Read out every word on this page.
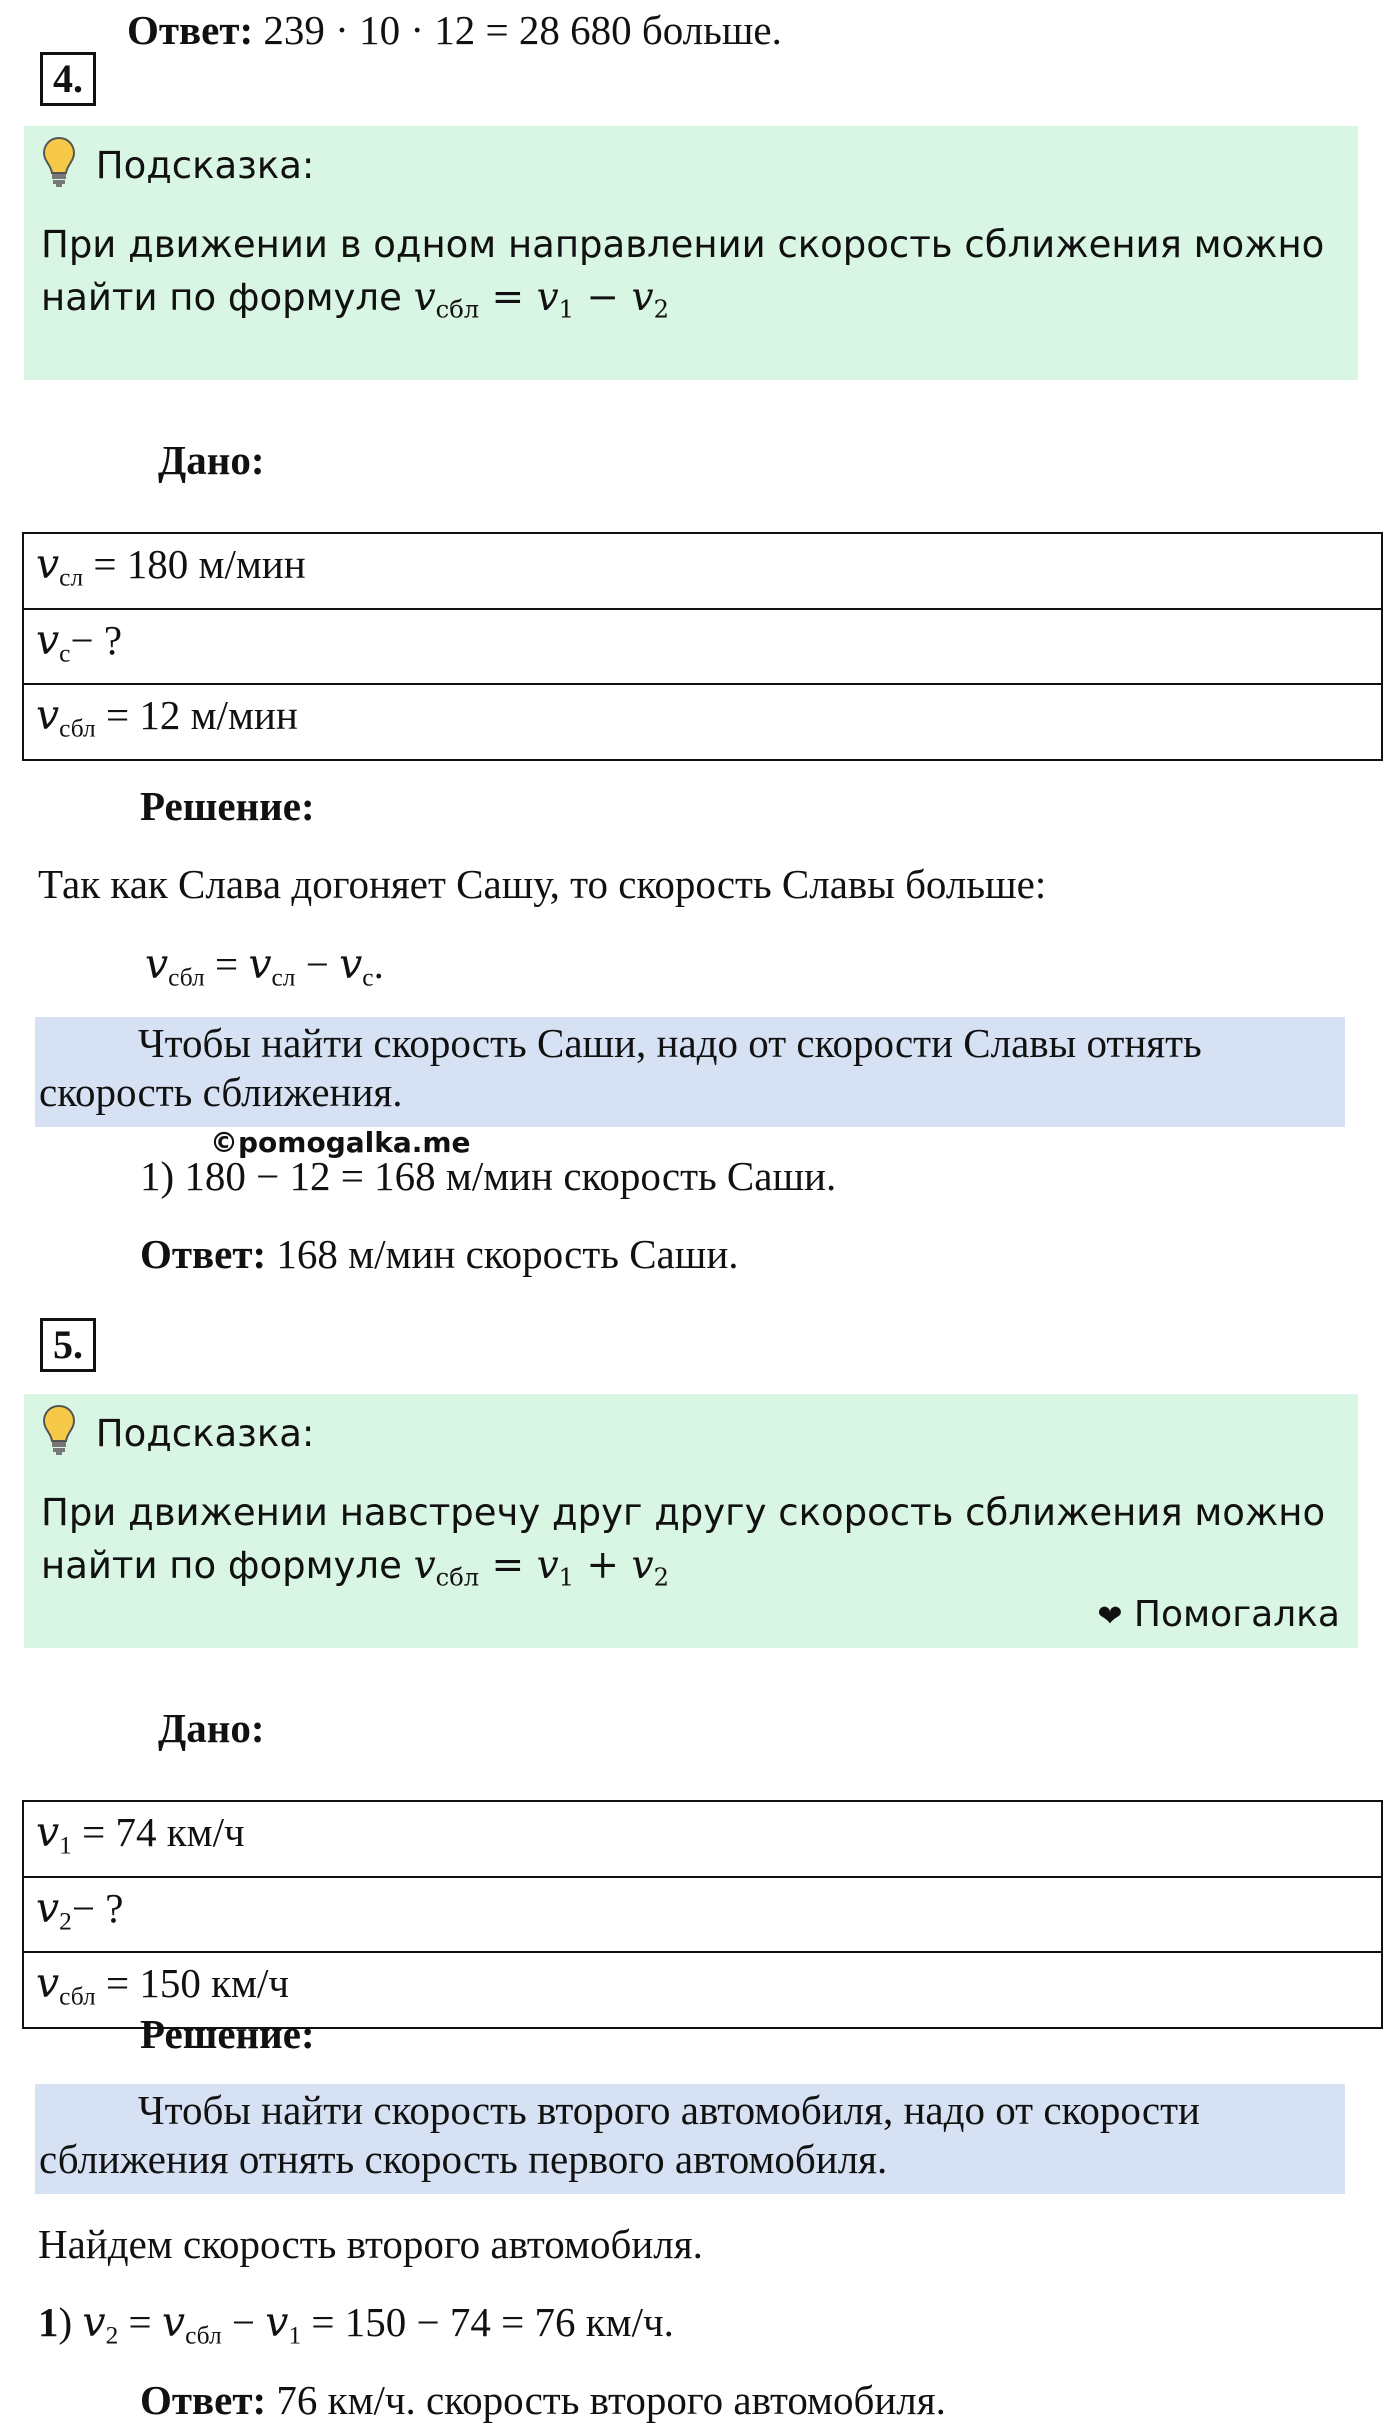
Ответ: 239 · 10 · 12 = 28 680 больше.
4.
Подсказка:
При движении в одном направлении скорость сближения можно
найти по формуле $v_{сбл} = v_1 - v_2$
Дано:
$v_{сл} = 180$ м/мин
$v_с-$ ?
$v_{сбл} = 12$ м/мин
Решение:
Так как Слава догоняет Сашу, то скорость Славы больше:
$v_{сбл} = v_{сл} - v_с$.
Чтобы найти скорость Саши, надо от скорости Славы отнять
скорость сближения.
©pomogalka.me
1) 180 − 12 = 168 м/мин скорость Саши.
Ответ: 168 м/мин скорость Саши.
5.
Подсказка:
При движении навстречу друг другу скорость сближения можно
найти по формуле $v_{сбл} = v_1 + v_2$
❤ Помогалка
Дано:
$v_1 = 74$ км/ч
$v_2-$ ?
$v_{сбл} = 150$ км/ч
Решение:
Чтобы найти скорость второго автомобиля, надо от скорости
сближения отнять скорость первого автомобиля.
Найдем скорость второго автомобиля.
1) $v_2 = v_{сбл} - v_1 = 150 - 74 = 76$ км/ч.
Ответ: 76 км/ч. скорость второго автомобиля.
